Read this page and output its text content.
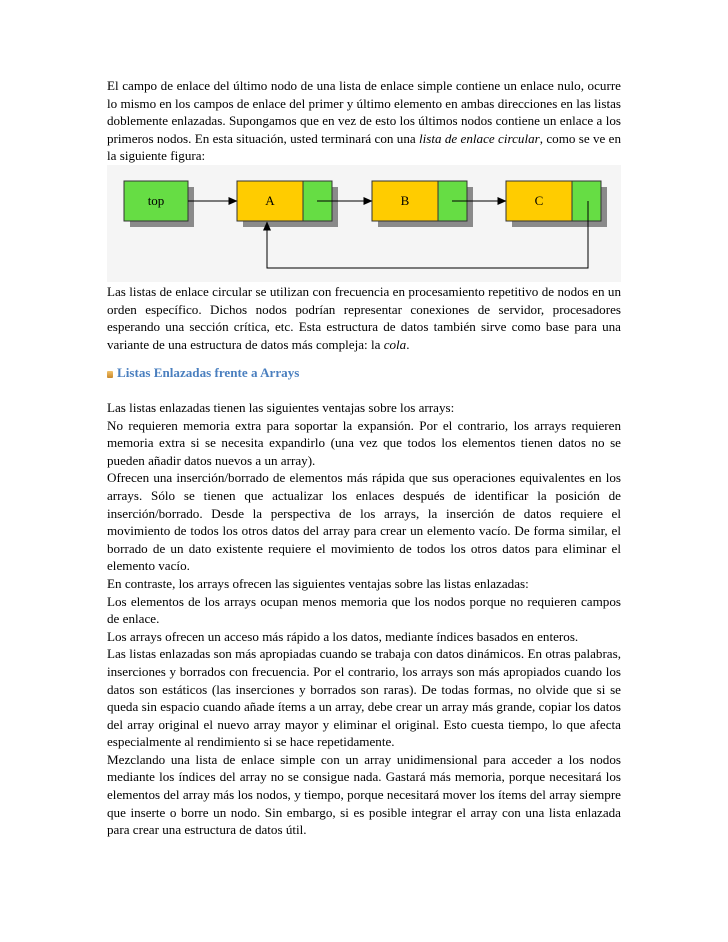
El campo de enlace del último nodo de una lista de enlace simple contiene un enlace nulo, ocurre lo mismo en los campos de enlace del primer y último elemento en ambas direcciones en las listas doblemente enlazadas. Supongamos que en vez de esto los últimos nodos contiene un enlace a los primeros nodos. En esta situación, usted terminará con una lista de enlace circular, como se ve en la siguiente figura:
top	A	B	C
Las listas de enlace circular se utilizan con frecuencia en procesamiento repetitivo de nodos en un orden específico. Dichos nodos podrían representar conexiones de servidor, procesadores esperando una sección crítica, etc. Esta estructura de datos también sirve como base para una variante de una estructura de datos más compleja: la cola.
Listas Enlazadas frente a Arrays

Las listas enlazadas tienen las siguientes ventajas sobre los arrays:

No requieren memoria extra para soportar la expansión. Por el contrario, los arrays requieren memoria extra si se necesita expandirlo (una vez que todos los elementos tienen datos no se pueden añadir datos nuevos a un array).

Ofrecen una inserción/borrado de elementos más rápida que sus operaciones equivalentes en los arrays. Sólo se tienen que actualizar los enlaces después de identificar la posición de inserción/borrado. Desde la perspectiva de los arrays, la inserción de datos requiere el movimiento de todos los otros datos del array para crear un elemento vacío. De forma similar, el borrado de un dato existente requiere el movimiento de todos los otros datos para eliminar el elemento vacío.

En contraste, los arrays ofrecen las siguientes ventajas sobre las listas enlazadas:

Los elementos de los arrays ocupan menos memoria que los nodos porque no requieren campos de enlace.

Los arrays ofrecen un acceso más rápido a los datos, mediante índices basados en enteros.

Las listas enlazadas son más apropiadas cuando se trabaja con datos dinámicos. En otras palabras, inserciones y borrados con frecuencia. Por el contrario, los arrays son más apropiados cuando los datos son estáticos (las inserciones y borrados son raras). De todas formas, no olvide que si se queda sin espacio cuando añade ítems a un array, debe crear un array más grande, copiar los datos del array original el nuevo array mayor y eliminar el original. Esto cuesta tiempo, lo que afecta especialmente al rendimiento si se hace repetidamente.

Mezclando una lista de enlace simple con un array unidimensional para acceder a los nodos mediante los índices del array no se consigue nada. Gastará más memoria, porque necesitará los elementos del array más los nodos, y tiempo, porque necesitará mover los ítems del array siempre que inserte o borre un nodo. Sin embargo, si es posible integrar el array con una lista enlazada para crear una estructura de datos útil.
